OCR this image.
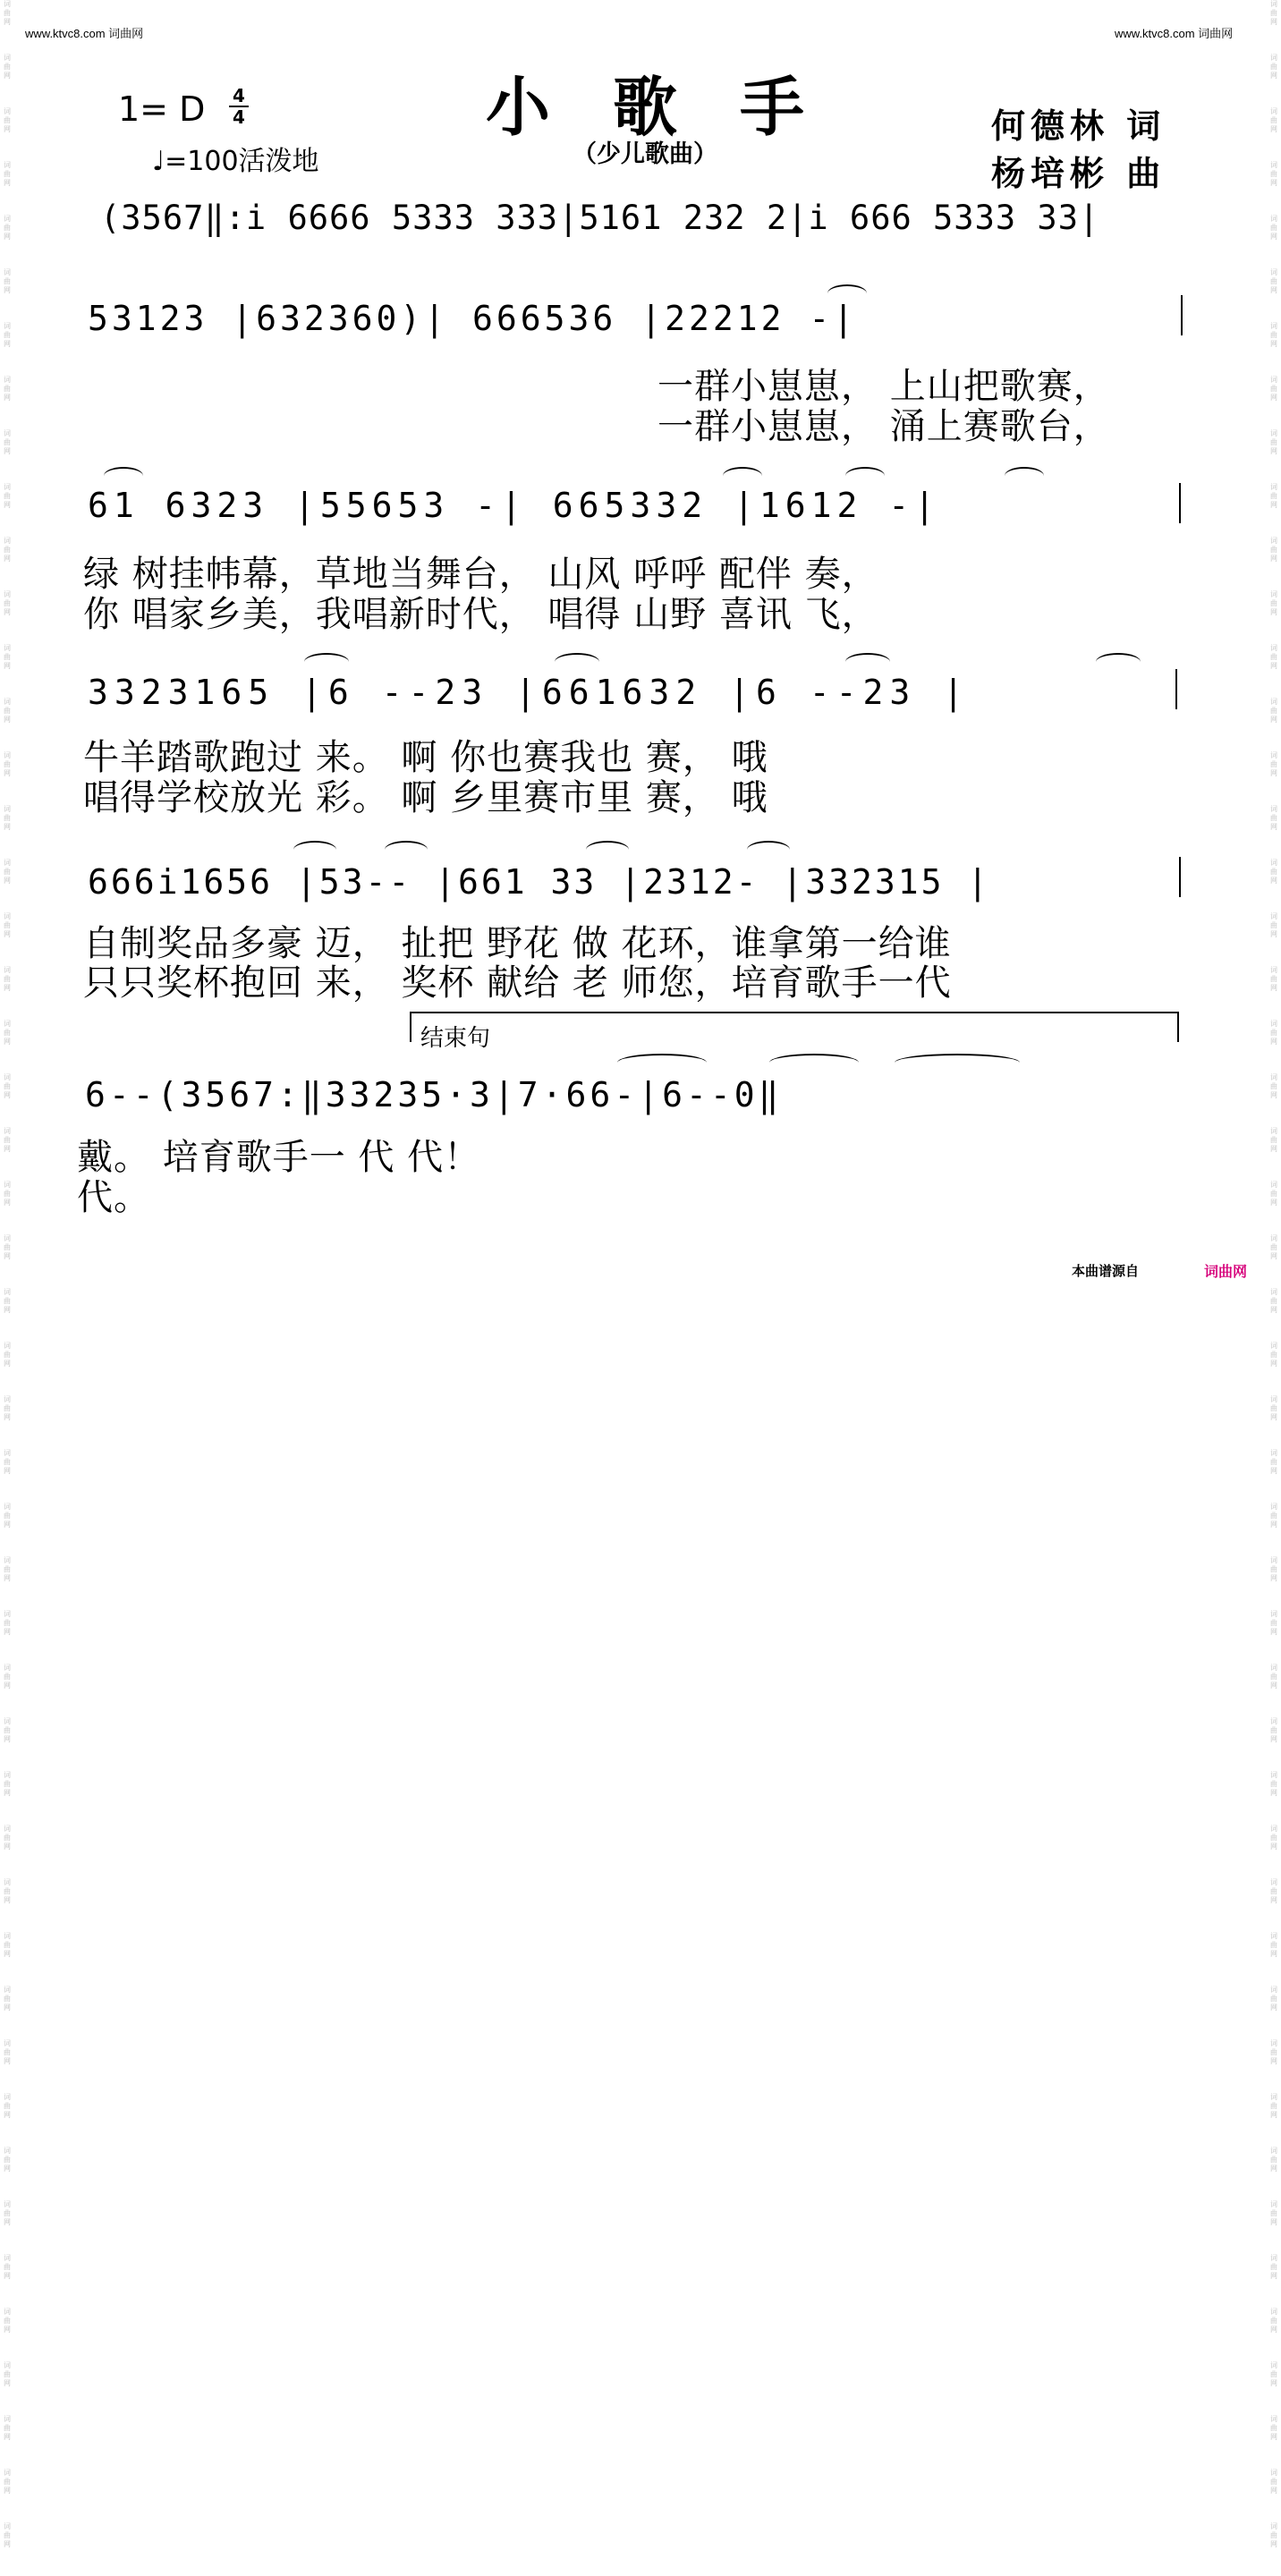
词
曲
网
词
曲
网
词
曲
网
词
曲
网
词
曲
网
词
曲
网
词
曲
网
词
曲
网
词
曲
网
词
曲
网
词
曲
网
词
曲
网
词
曲
网
词
曲
网
词
曲
网
词
曲
网
词
曲
网
词
曲
网
词
曲
网
词
曲
网
词
曲
网
词
曲
网
词
曲
网
词
曲
网
词
曲
网
词
曲
网
词
曲
网
词
曲
网
词
曲
网
词
曲
网
词
曲
网
词
曲
网
词
曲
网
词
曲
网
词
曲
网
词
曲
网
词
曲
网
词
曲
网
词
曲
网
词
曲
网
词
曲
网
词
曲
网
词
曲
网
词
曲
网
词
曲
网
词
曲
网
词
曲
网
词
曲
网
词
曲
网
词
曲
网
词
曲
网
词
曲
网
词
曲
网
词
曲
网
词
曲
网
词
曲
网
词
曲
网
词
曲
网
词
曲
网
词
曲
网
词
曲
网
词
曲
网
词
曲
网
词
曲
网
词
曲
网
词
曲
网
词
曲
网
词
曲
网
词
曲
网
词
曲
网
词
曲
网
词
曲
网
词
曲
网
词
曲
网
词
曲
网
词
曲
网
词
曲
网
词
曲
网
词
曲
网
词
曲
网
词
曲
网
词
曲
网
词
曲
网
词
曲
网
词
曲
网
词
曲
网
词
曲
网
词
曲
网
词
曲
网
词
曲
网
词
曲
网
词
曲
网
词
曲
网
词
曲
网
词
曲
网
词
曲
网
www.ktvc8.com 词曲网	www.ktvc8.com 词曲网
1= D 4
4
♩=100活泼地
小歌手
（少儿歌曲）
何德林 词
杨培彬 曲
(3567‖:i 6666 5333 333|5161 232 2|i 666 5333 33|
53123 |632360)| 666536 |22212 -|
一群小崽崽， 上山把歌赛，
一群小崽崽， 涌上赛歌台，
61 6323 |55653 -| 665332 |1612 -|
绿 树挂帏幕，草地当舞台， 山风 呼呼 配伴 奏，
你 唱家乡美，我唱新时代， 唱得 山野 喜讯 飞，
3323165 |6 --23 |661632 |6 --23 |
牛羊踏歌跑过 来。 啊 你也赛我也 赛， 哦
唱得学校放光 彩。 啊 乡里赛市里 赛， 哦
666i1656 |53-- |661 33 |2312- |332315 |
自制奖品多豪 迈， 扯把 野花 做 花环，谁拿第一给谁
只只奖杯抱回 来， 奖杯 献给 老 师您，培育歌手一代
结束句
6--(3567:‖33235·3|7·66-|6--0‖
戴。 培育歌手一 代 代！
代。
本曲谱源自	词曲网
